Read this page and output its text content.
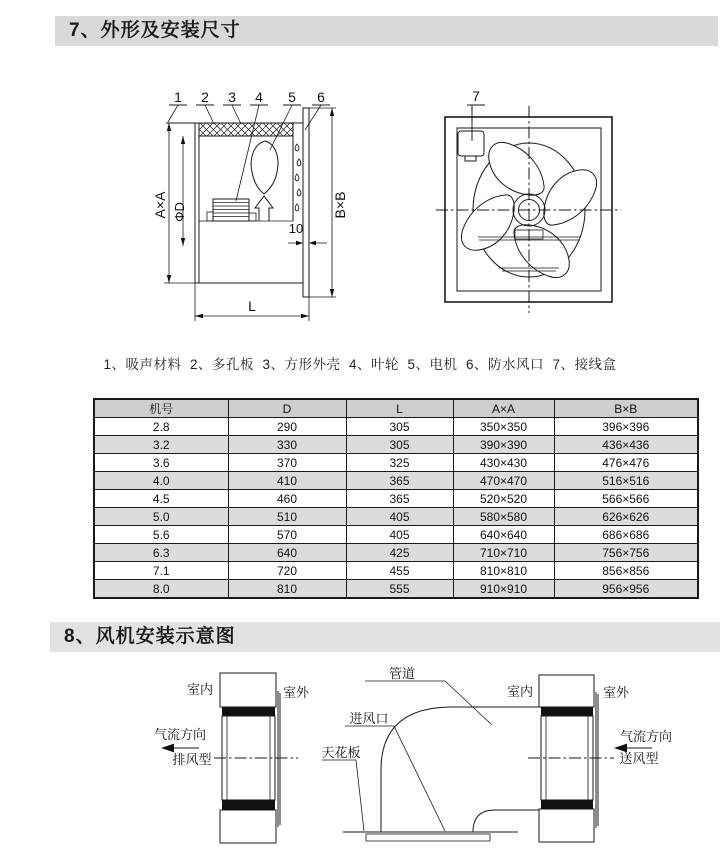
7、外形及安装尺寸
1 2 3 4 5 6
A×A ΦD	B×B
10
L
7
1、吸声材料  2、多孔板  3、方形外壳  4、叶轮  5、电机  6、防水风口  7、接线盒
机号	D	L	A×A	B×B
2.8	290	305	350×350	396×396
3.2	330	305	390×390	436×436
3.6	370	325	430×430	476×476
4.0	410	365	470×470	516×516
4.5	460	365	520×520	566×566
5.0	510	405	580×580	626×626
5.6	570	405	640×640	686×686
6.3	640	425	710×710	756×756
7.1	720	455	810×810	856×856
8.0	810	555	910×910	956×956
8、风机安装示意图
室内	室外
气流方向
排风型
管道
进风口
天花板
室内	室外
气流方向
送风型
